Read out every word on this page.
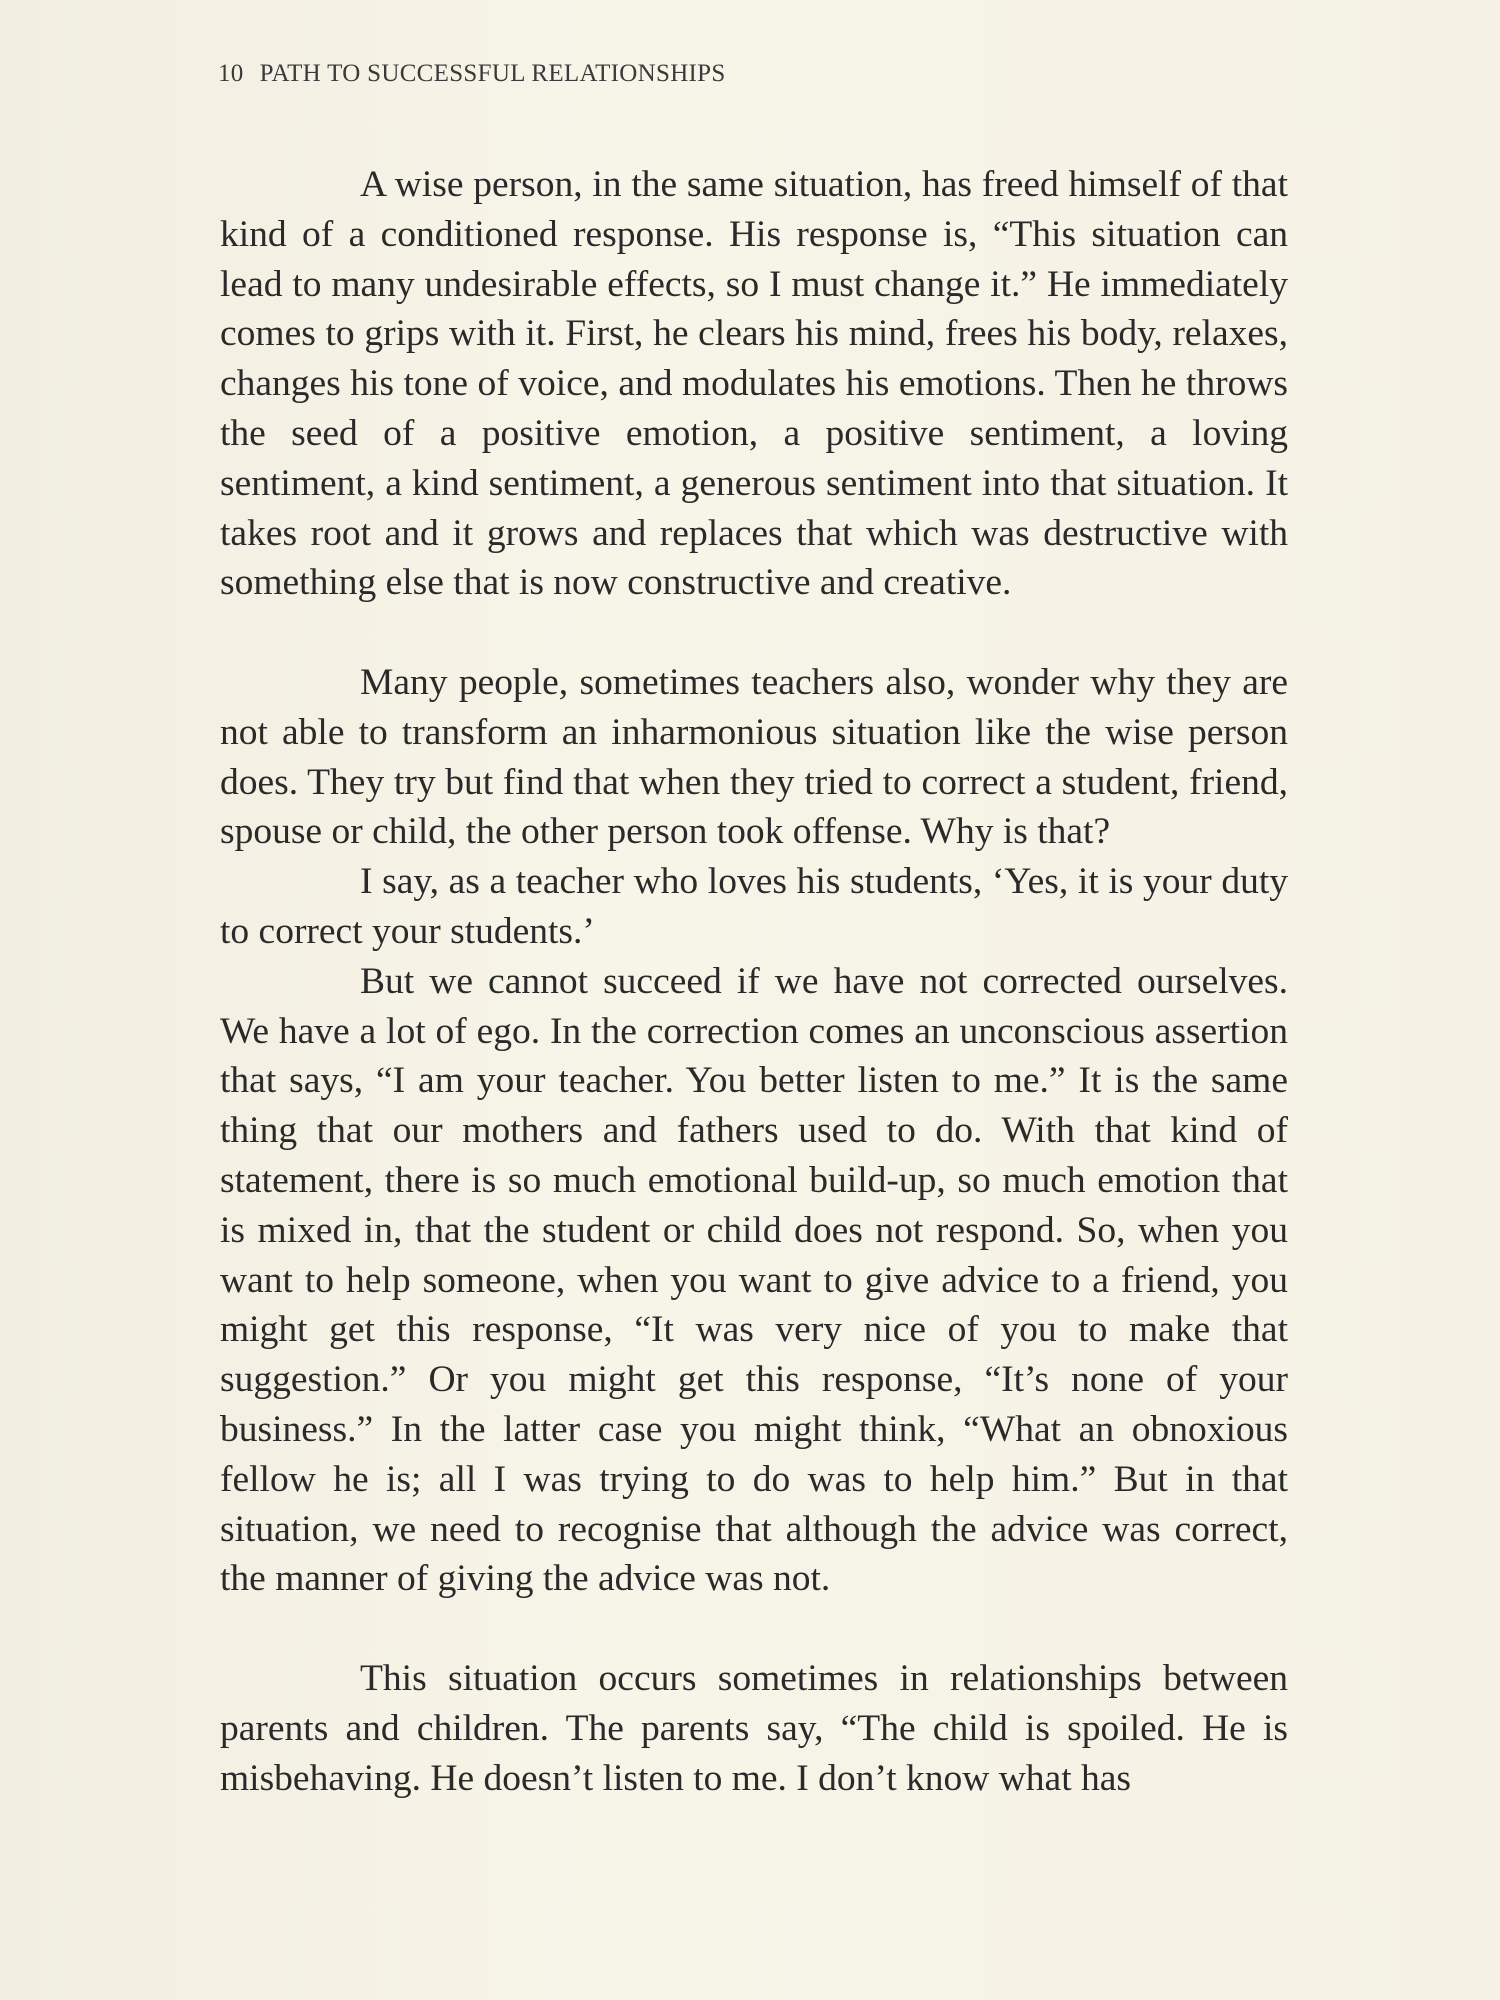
10 PATH TO SUCCESSFUL RELATIONSHIPS

A wise person, in the same situation, has freed himself of that kind of a conditioned response. His response is, “This situation can lead to many undesirable effects, so I must change it.” He immediately comes to grips with it. First, he clears his mind, frees his body, relaxes, changes his tone of voice, and modulates his emotions. Then he throws the seed of a positive emotion, a positive sentiment, a loving sentiment, a kind sentiment, a generous sentiment into that situation. It takes root and it grows and replaces that which was destructive with something else that is now constructive and creative.

Many people, sometimes teachers also, wonder why they are not able to transform an inharmonious situation like the wise person does. They try but find that when they tried to correct a student, friend, spouse or child, the other person took offense. Why is that?

I say, as a teacher who loves his students, ‘Yes, it is your duty to correct your students.’

But we cannot succeed if we have not corrected ourselves. We have a lot of ego. In the correction comes an unconscious assertion that says, “I am your teacher. You better listen to me.” It is the same thing that our mothers and fathers used to do. With that kind of statement, there is so much emotional build-up, so much emotion that is mixed in, that the student or child does not respond. So, when you want to help someone, when you want to give advice to a friend, you might get this response, “It was very nice of you to make that suggestion.” Or you might get this response, “It’s none of your business.” In the latter case you might think, “What an obnoxious fellow he is; all I was trying to do was to help him.” But in that situation, we need to recognise that although the advice was correct, the manner of giving the advice was not.

This situation occurs sometimes in relationships between parents and children. The parents say, “The child is spoiled. He is misbehaving. He doesn’t listen to me. I don’t know what has
